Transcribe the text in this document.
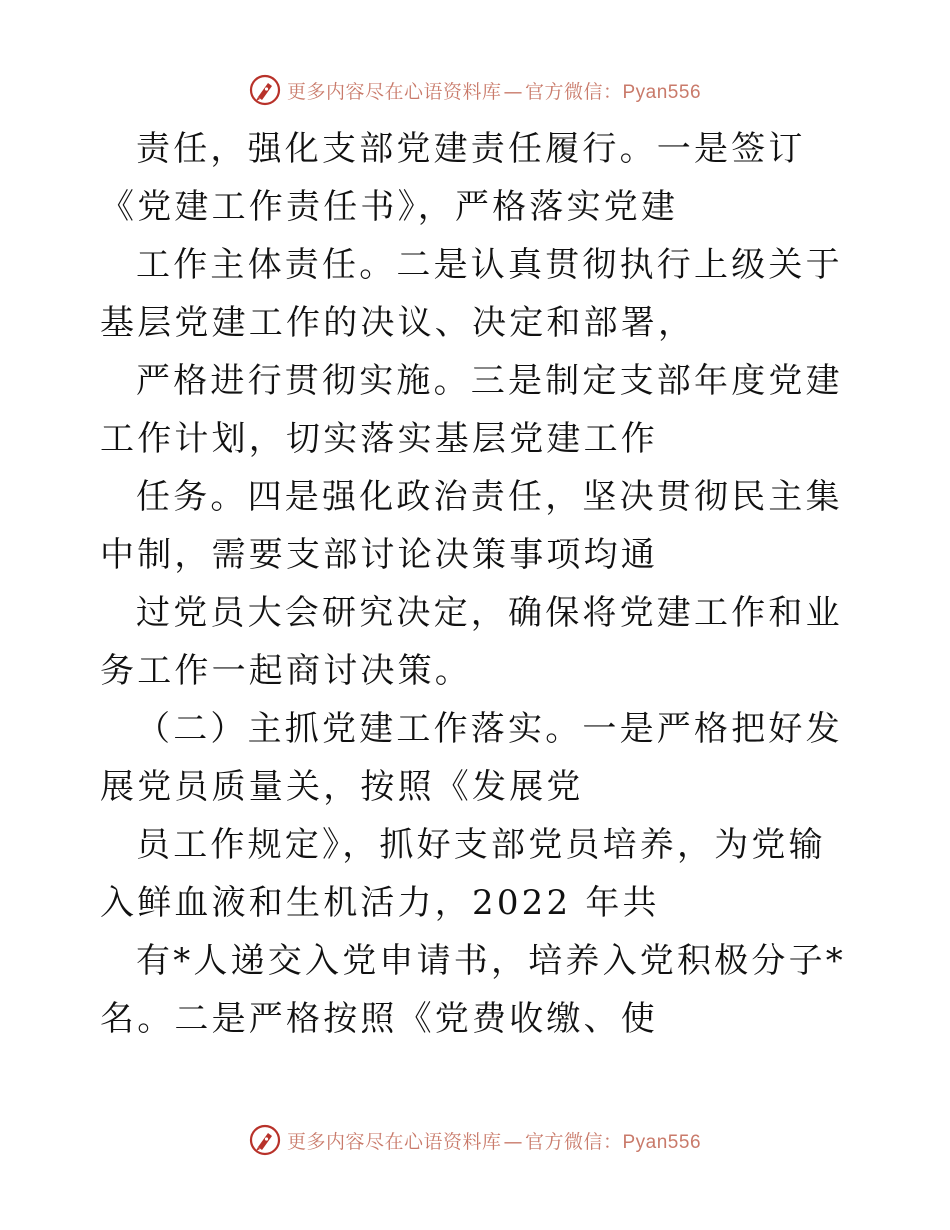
更多内容尽在心语资料库 — 官方微信：Pyan556

责任，强化支部党建责任履行。一是签订《党建工作责任书》，严格落实党建

工作主体责任。二是认真贯彻执行上级关于基层党建工作的决议、决定和部署，

严格进行贯彻实施。三是制定支部年度党建工作计划，切实落实基层党建工作

任务。四是强化政治责任，坚决贯彻民主集中制，需要支部讨论决策事项均通

过党员大会研究决定，确保将党建工作和业务工作一起商讨决策。

（二）主抓党建工作落实。一是严格把好发展党员质量关，按照《发展党

员工作规定》，抓好支部党员培养，为党输入鲜血液和生机活力，2022 年共

有*人递交入党申请书，培养入党积极分子*名。二是严格按照《党费收缴、使

更多内容尽在心语资料库 — 官方微信：Pyan556
